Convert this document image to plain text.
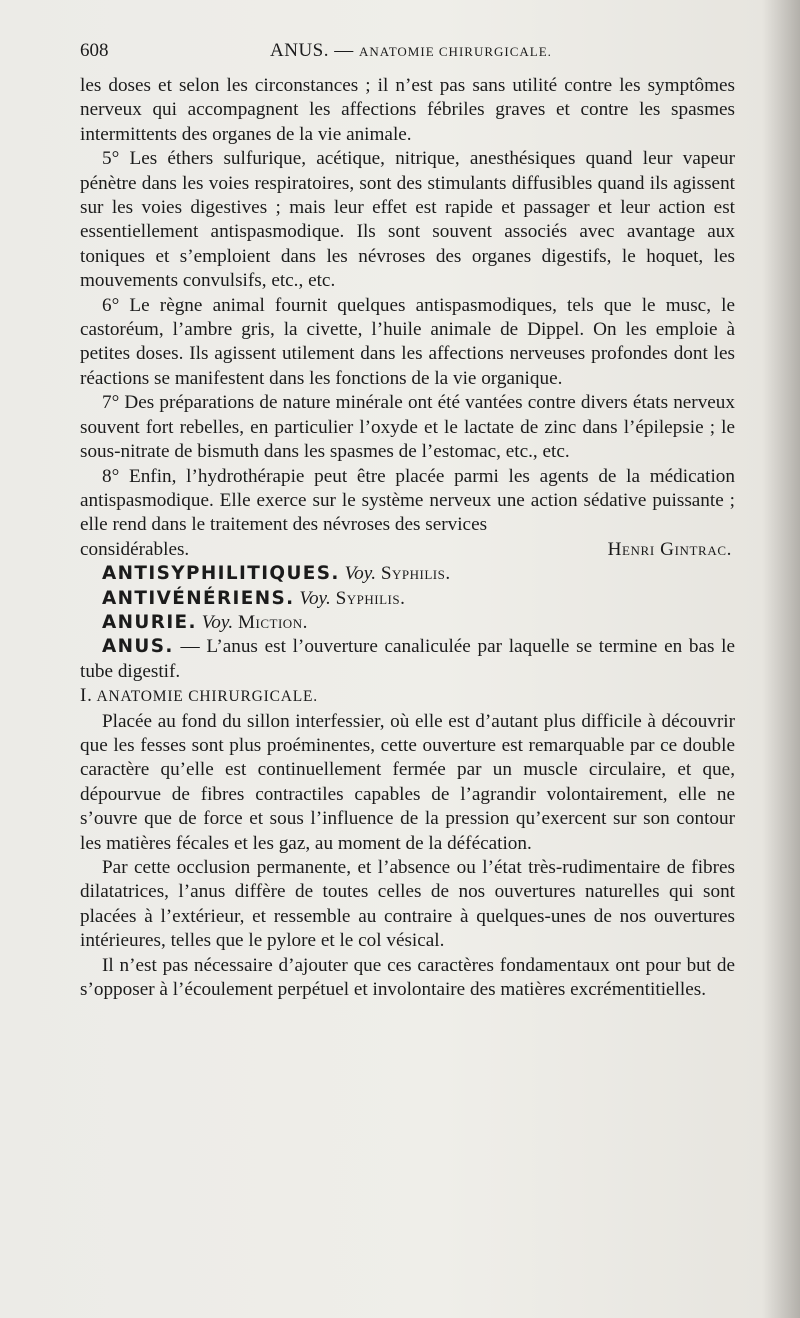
608	ANUS. — ANATOMIE CHIRURGICALE.

les doses et selon les circonstances ; il n’est pas sans utilité contre les symptômes nerveux qui accompagnent les affections fébriles graves et contre les spasmes intermittents des organes de la vie animale.

5° Les éthers sulfurique, acétique, nitrique, anesthésiques quand leur vapeur pénètre dans les voies respiratoires, sont des stimulants diffusibles quand ils agissent sur les voies digestives ; mais leur effet est rapide et passager et leur action est essentiellement antispasmodique. Ils sont souvent associés avec avantage aux toniques et s’emploient dans les névroses des organes digestifs, le hoquet, les mouvements convulsifs, etc., etc.

6° Le règne animal fournit quelques antispasmodiques, tels que le musc, le castoréum, l’ambre gris, la civette, l’huile animale de Dippel. On les emploie à petites doses. Ils agissent utilement dans les affections nerveuses profondes dont les réactions se manifestent dans les fonctions de la vie organique.

7° Des préparations de nature minérale ont été vantées contre divers états nerveux souvent fort rebelles, en particulier l’oxyde et le lactate de zinc dans l’épilepsie ; le sous-nitrate de bismuth dans les spasmes de l’estomac, etc., etc.

8° Enfin, l’hydrothérapie peut être placée parmi les agents de la médication antispasmodique. Elle exerce sur le système nerveux une action sédative puissante ; elle rend dans le traitement des névroses des services

considérables.	Henri Gintrac.

ANTISYPHILITIQUES. Voy. Syphilis.

ANTIVÉNÉRIENS. Voy. Syphilis.

ANURIE. Voy. Miction.

ANUS. — L’anus est l’ouverture canaliculée par laquelle se termine en bas le tube digestif.

I. ANATOMIE CHIRURGICALE.

Placée au fond du sillon interfessier, où elle est d’autant plus difficile à découvrir que les fesses sont plus proéminentes, cette ouverture est remarquable par ce double caractère qu’elle est continuellement fermée par un muscle circulaire, et que, dépourvue de fibres contractiles capables de l’agrandir volontairement, elle ne s’ouvre que de force et sous l’influence de la pression qu’exercent sur son contour les matières fécales et les gaz, au moment de la défécation.

Par cette occlusion permanente, et l’absence ou l’état très-rudimentaire de fibres dilatatrices, l’anus diffère de toutes celles de nos ouvertures naturelles qui sont placées à l’extérieur, et ressemble au contraire à quelques-unes de nos ouvertures intérieures, telles que le pylore et le col vésical.

Il n’est pas nécessaire d’ajouter que ces caractères fondamentaux ont pour but de s’opposer à l’écoulement perpétuel et involontaire des matières excrémentitielles.
